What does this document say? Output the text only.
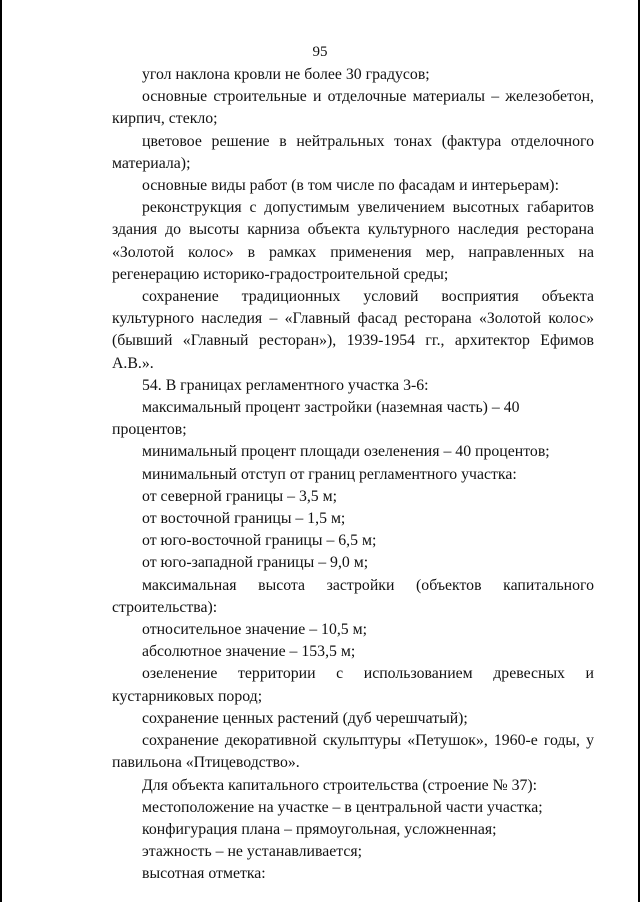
95

угол наклона кровли не более 30 градусов;

основные строительные и отделочные материалы – железобетон, кирпич, стекло;

цветовое решение в нейтральных тонах (фактура отделочного материала);

основные виды работ (в том числе по фасадам и интерьерам):

реконструкция с допустимым увеличением высотных габаритов здания до высоты карниза объекта культурного наследия ресторана «Золотой колос» в рамках применения мер, направленных на регенерацию историко-градостроительной среды;

сохранение традиционных условий восприятия объекта культурного наследия – «Главный фасад ресторана «Золотой колос» (бывший «Главный ресторан»), 1939-1954 гг., архитектор Ефимов А.В.».

54. В границах регламентного участка 3-6:

максимальный процент застройки (наземная часть) – 40 процентов;

минимальный процент площади озеленения – 40 процентов;

минимальный отступ от границ регламентного участка:

от северной границы – 3,5 м;

от восточной границы – 1,5 м;

от юго-восточной границы – 6,5 м;

от юго-западной границы – 9,0 м;

максимальная высота застройки (объектов капитального строительства):

относительное значение – 10,5 м;

абсолютное значение – 153,5 м;

озеленение территории с использованием древесных и кустарниковых пород;

сохранение ценных растений (дуб черешчатый);

сохранение декоративной скульптуры «Петушок», 1960-е годы, у павильона «Птицеводство».

Для объекта капитального строительства (строение № 37):

местоположение на участке – в центральной части участка;

конфигурация плана – прямоугольная, усложненная;

этажность – не устанавливается;

высотная отметка:
